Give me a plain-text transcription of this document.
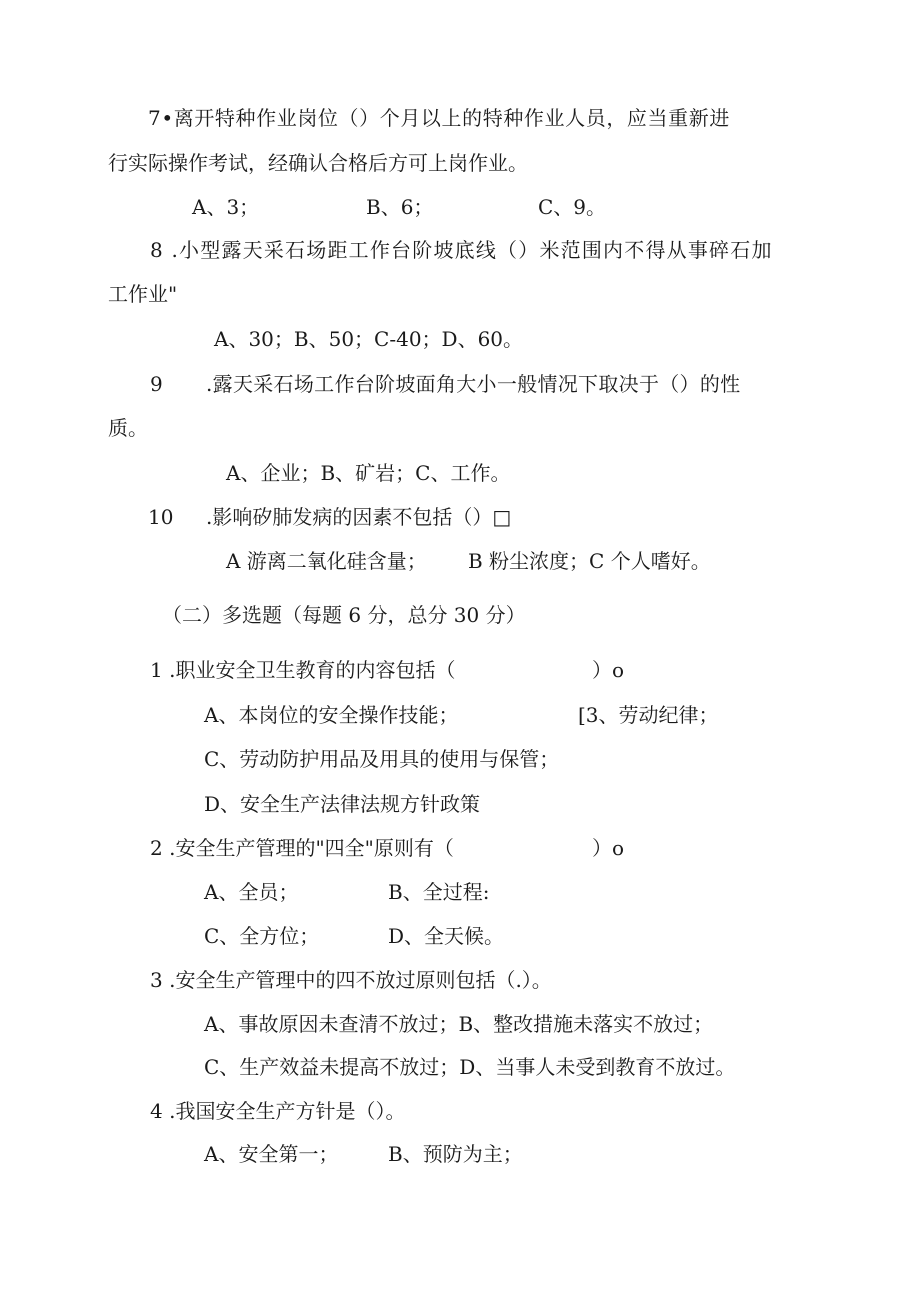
7•离开特种作业岗位（）个月以上的特种作业人员，应当重新进
行实际操作考试，经确认合格后方可上岗作业。
A、3；	B、6；	C、9。
8 .小型露天采石场距工作台阶坡底线（）米范围内不得从事碎石加
工作业"
A、30；B、50；C-40；D、60。
9 .露天采石场工作台阶坡面角大小一般情况下取决于（）的性
质。
A、企业；B、矿岩；C、工作。
10 .影响矽肺发病的因素不包括（）□
A 游离二氧化硅含量； B 粉尘浓度；C 个人嗜好。
（二）多选题（每题 6 分，总分 30 分）
1 .职业安全卫生教育的内容包括（	）o
A、本岗位的安全操作技能；	[3、劳动纪律；
C、劳动防护用品及用具的使用与保管；
D、安全生产法律法规方针政策
2 .安全生产管理的"四全"原则有（	）o
A、全员；	B、全过程:
C、全方位；	D、全天候。
3 .安全生产管理中的四不放过原则包括（.）。
A、事故原因未查清不放过；B、整改措施未落实不放过；
C、生产效益未提高不放过；D、当事人未受到教育不放过。
4 .我国安全生产方针是（）。
A、安全第一； B、预防为主；
